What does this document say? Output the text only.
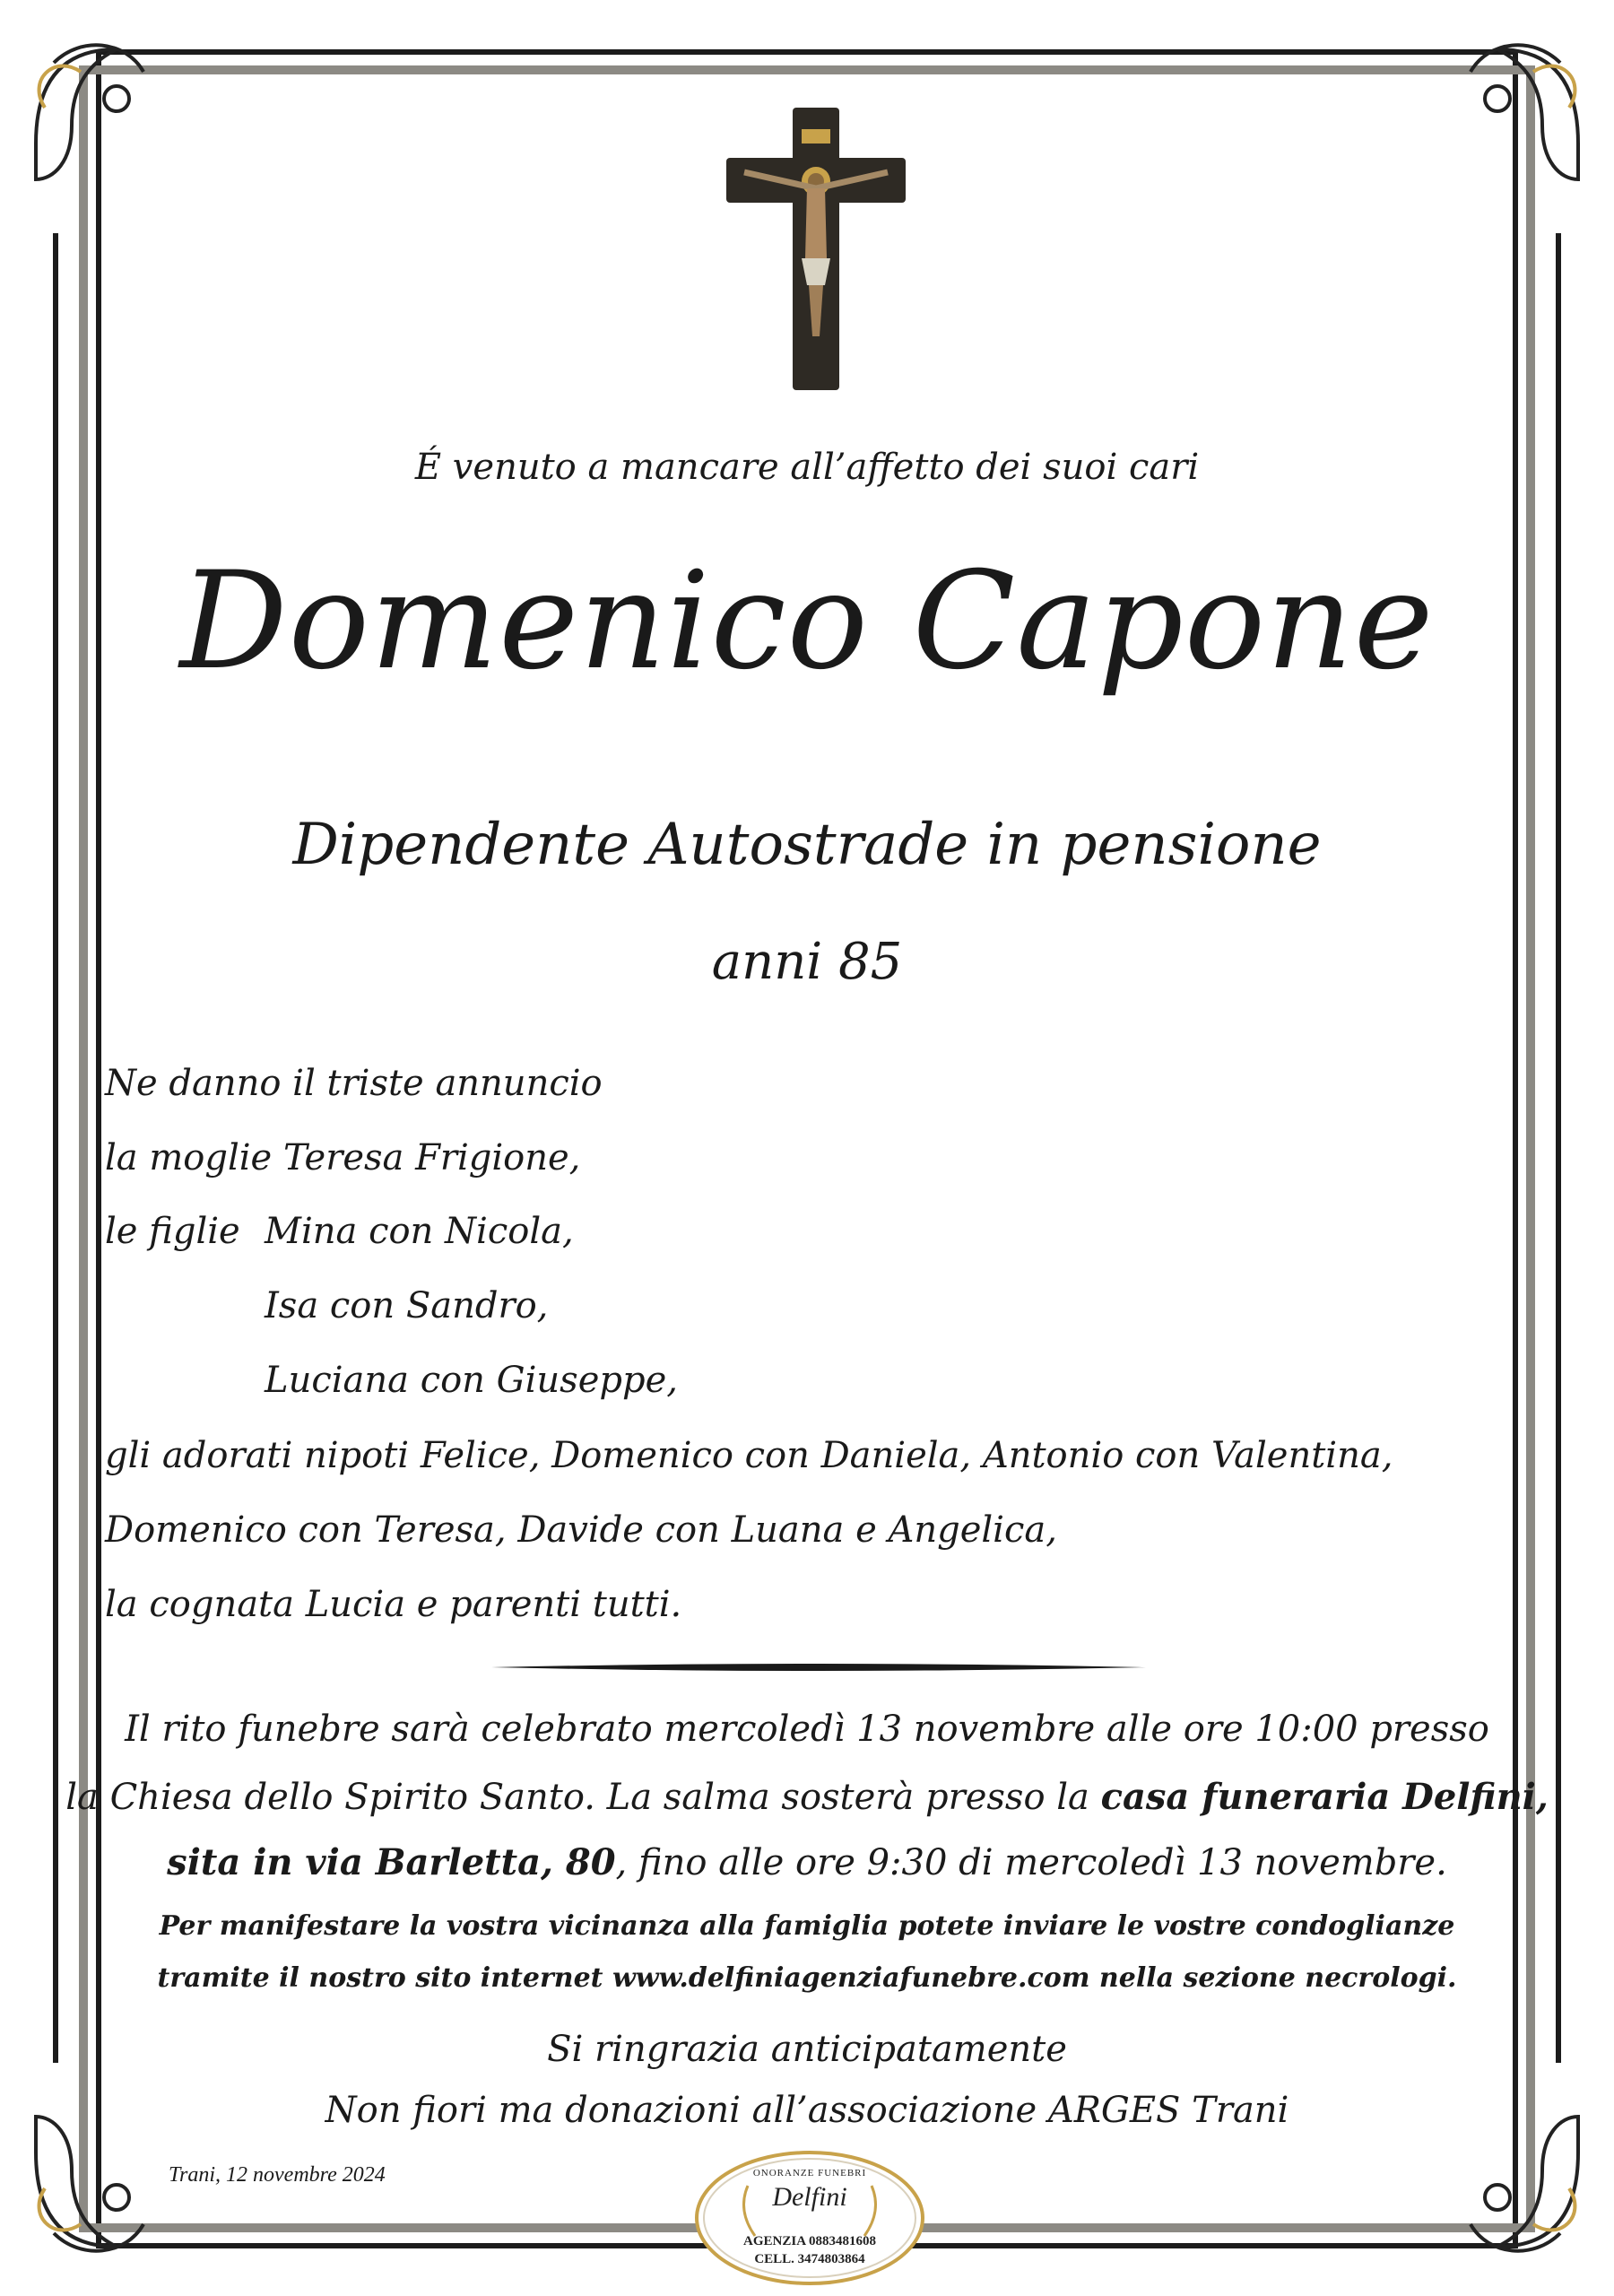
É venuto a mancare all’affetto dei suoi cari
Domenico Capone
Dipendente Autostrade in pensione
anni 85
Ne danno il triste annuncio
la moglie Teresa Frigione,
le figlie Mina con Nicola,
Isa con Sandro,
Luciana con Giuseppe,
gli adorati nipoti Felice, Domenico con Daniela, Antonio con Valentina,
Domenico con Teresa, Davide con Luana e Angelica,
la cognata Lucia e parenti tutti.
Il rito funebre sarà celebrato mercoledì 13 novembre alle ore 10:00 presso
la Chiesa dello Spirito Santo. La salma sosterà presso la casa funeraria Delfini,
sita in via Barletta, 80, fino alle ore 9:30 di mercoledì 13 novembre.
Per manifestare la vostra vicinanza alla famiglia potete inviare le vostre condoglianze
tramite il nostro sito internet www.delfiniagenziafunebre.com nella sezione necrologi.
Si ringrazia anticipatamente
Non fiori ma donazioni all’associazione ARGES Trani
Trani, 12 novembre 2024	ONORANZE FUNEBRI
Delfini
AGENZIA 0883481608
CELL. 3474803864
